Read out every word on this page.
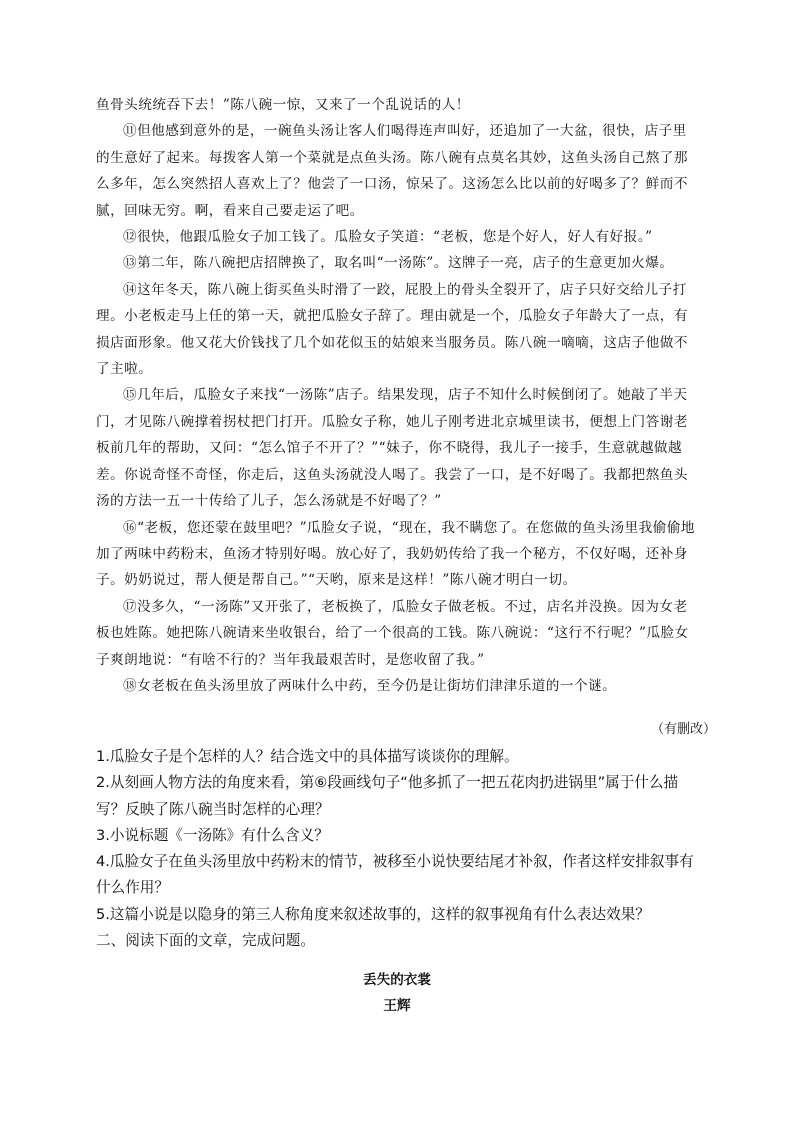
鱼骨头统统吞下去！”陈八碗一惊，又来了一个乱说话的人！

⑪但他感到意外的是，一碗鱼头汤让客人们喝得连声叫好，还追加了一大盆，很快，店子里的生意好了起来。每拨客人第一个菜就是点鱼头汤。陈八碗有点莫名其妙，这鱼头汤自己熬了那么多年，怎么突然招人喜欢上了？他尝了一口汤，惊呆了。这汤怎么比以前的好喝多了？鲜而不腻，回味无穷。啊，看来自己要走运了吧。

⑫很快，他跟瓜脸女子加工钱了。瓜脸女子笑道：“老板，您是个好人，好人有好报。”

⑬第二年，陈八碗把店招牌换了，取名叫“一汤陈”。这牌子一亮，店子的生意更加火爆。

⑭这年冬天，陈八碗上街买鱼头时滑了一跤，屁股上的骨头全裂开了，店子只好交给儿子打理。小老板走马上任的第一天，就把瓜脸女子辞了。理由就是一个，瓜脸女子年龄大了一点，有损店面形象。他又花大价钱找了几个如花似玉的姑娘来当服务员。陈八碗一嘀嘀，这店子他做不了主啦。

⑮几年后，瓜脸女子来找“一汤陈”店子。结果发现，店子不知什么时候倒闭了。她敲了半天门，才见陈八碗撑着拐杖把门打开。瓜脸女子称，她儿子刚考进北京城里读书，便想上门答谢老板前几年的帮助，又问：“怎么馆子不开了？”“妹子，你不晓得，我儿子一接手，生意就越做越差。你说奇怪不奇怪，你走后，这鱼头汤就没人喝了。我尝了一口，是不好喝了。我都把熬鱼头汤的方法一五一十传给了儿子，怎么汤就是不好喝了？”

⑯“老板，您还蒙在鼓里吧？”瓜脸女子说，“现在，我不瞒您了。在您做的鱼头汤里我偷偷地加了两味中药粉末，鱼汤才特别好喝。放心好了，我奶奶传给了我一个秘方，不仅好喝，还补身子。奶奶说过，帮人便是帮自己。”“天哟，原来是这样！”陈八碗才明白一切。

⑰没多久，“一汤陈”又开张了，老板换了，瓜脸女子做老板。不过，店名并没换。因为女老板也姓陈。她把陈八碗请来坐收银台，给了一个很高的工钱。陈八碗说：“这行不行呢？”瓜脸女子爽朗地说：“有啥不行的？当年我最艰苦时，是您收留了我。”

⑱女老板在鱼头汤里放了两味什么中药，至今仍是让街坊们津津乐道的一个谜。

（有删改）

1.瓜脸女子是个怎样的人？结合选文中的具体描写谈谈你的理解。

2.从刻画人物方法的角度来看，第⑥段画线句子“他多抓了一把五花肉扔进锅里”属于什么描写？反映了陈八碗当时怎样的心理？

3.小说标题《一汤陈》有什么含义？

4.瓜脸女子在鱼头汤里放中药粉末的情节，被移至小说快要结尾才补叙，作者这样安排叙事有什么作用？

5.这篇小说是以隐身的第三人称角度来叙述故事的，这样的叙事视角有什么表达效果？

二、阅读下面的文章，完成问题。

丢失的衣裳
王辉
